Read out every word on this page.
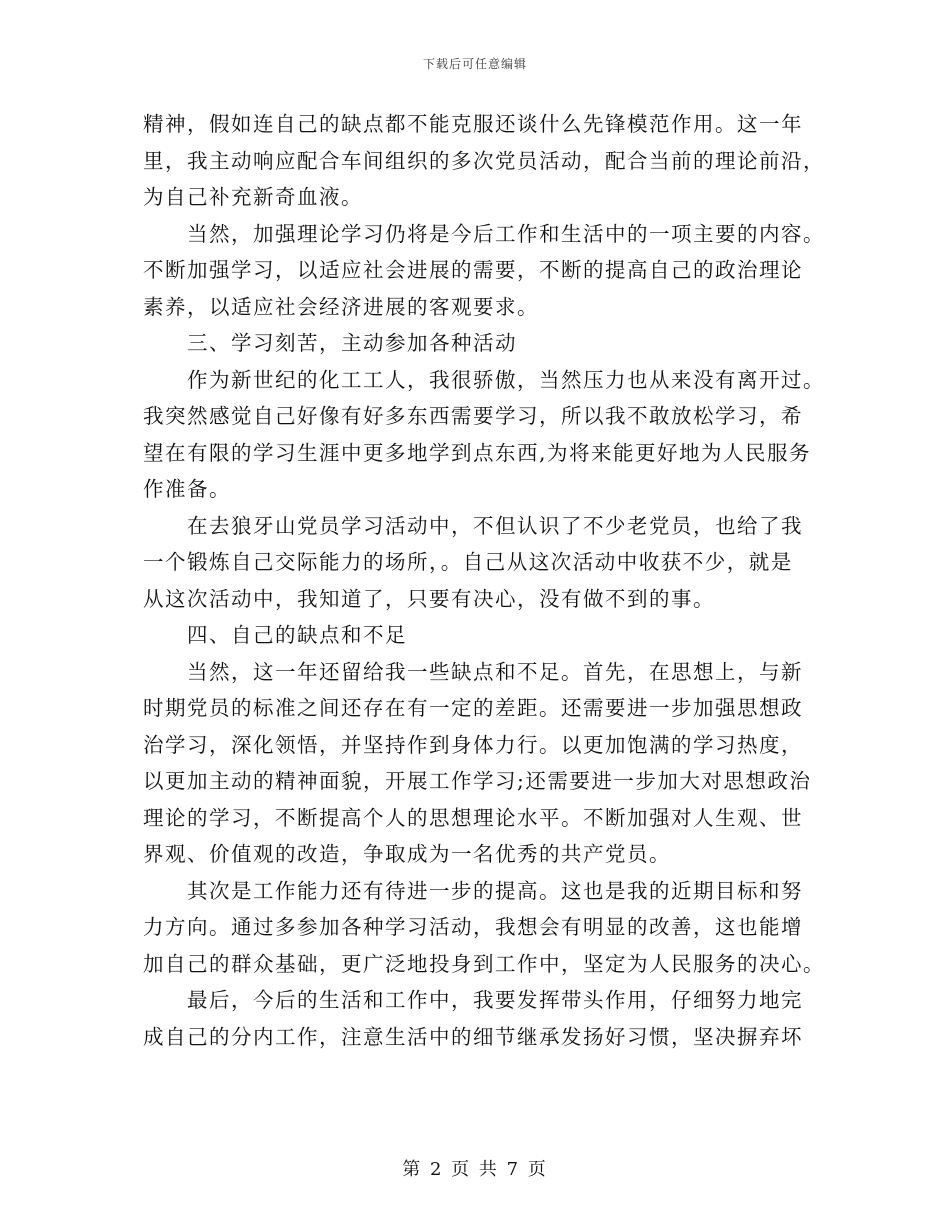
下载后可任意编辑
精神，假如连自己的缺点都不能克服还谈什么先锋模范作用。这一年
里，我主动响应配合车间组织的多次党员活动，配合当前的理论前沿，
为自己补充新奇血液。
当然，加强理论学习仍将是今后工作和生活中的一项主要的内容。
不断加强学习，以适应社会进展的需要，不断的提高自己的政治理论
素养，以适应社会经济进展的客观要求。
三、学习刻苦，主动参加各种活动
作为新世纪的化工工人，我很骄傲，当然压力也从来没有离开过。
我突然感觉自己好像有好多东西需要学习，所以我不敢放松学习，希
望在有限的学习生涯中更多地学到点东西,为将来能更好地为人民服务
作准备。
在去狼牙山党员学习活动中，不但认识了不少老党员，也给了我
一个锻炼自己交际能力的场所，。自己从这次活动中收获不少，就是
从这次活动中，我知道了，只要有决心，没有做不到的事。
四、自己的缺点和不足
当然，这一年还留给我一些缺点和不足。首先，在思想上，与新
时期党员的标准之间还存在有一定的差距。还需要进一步加强思想政
治学习，深化领悟，并坚持作到身体力行。以更加饱满的学习热度，
以更加主动的精神面貌，开展工作学习;还需要进一步加大对思想政治
理论的学习，不断提高个人的思想理论水平。不断加强对人生观、世
界观、价值观的改造，争取成为一名优秀的共产党员。
其次是工作能力还有待进一步的提高。这也是我的近期目标和努
力方向。通过多参加各种学习活动，我想会有明显的改善，这也能增
加自己的群众基础，更广泛地投身到工作中，坚定为人民服务的决心。
最后，今后的生活和工作中，我要发挥带头作用，仔细努力地完
成自己的分内工作，注意生活中的细节继承发扬好习惯，坚决摒弃坏
第 2 页 共 7 页
